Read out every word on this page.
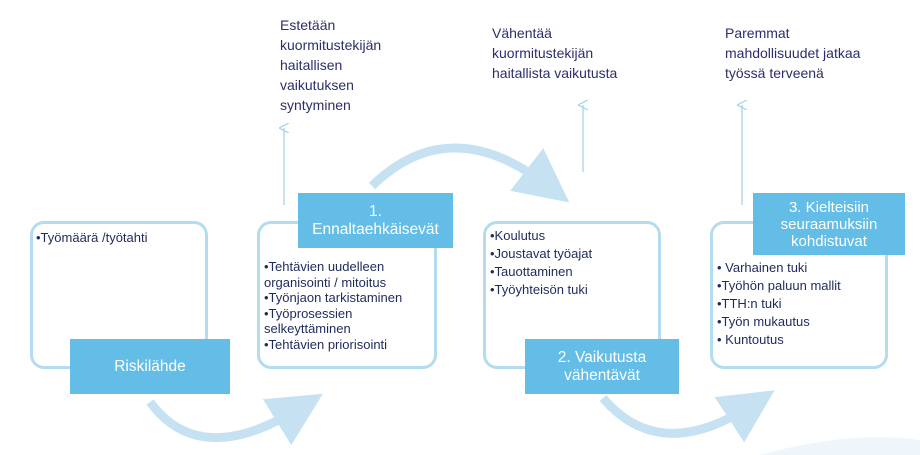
•Työmäärä /työtahti
Riskilähde
1.
Ennaltaehkäisevät
•Tehtävien uudelleen organisointi / mitoitus
•Työnjaon tarkistaminen
•Työprosessien selkeyttäminen
•Tehtävien priorisointi

Estetään
kuormitustekijän
haitallisen
vaikutuksen
syntyminen

•Koulutus
•Joustavat työajat
•Tauottaminen
•Työyhteisön tuki
2. Vaikutusta
vähentävät

Vähentää
kuormitustekijän
haitallista vaikutusta

3. Kielteisiin
seuraamuksiin
kohdistuvat
• Varhainen tuki
•Työhön paluun mallit
•TTH:n tuki
•Työn mukautus
• Kuntoutus

Paremmat
mahdollisuudet jatkaa
työssä terveenä
